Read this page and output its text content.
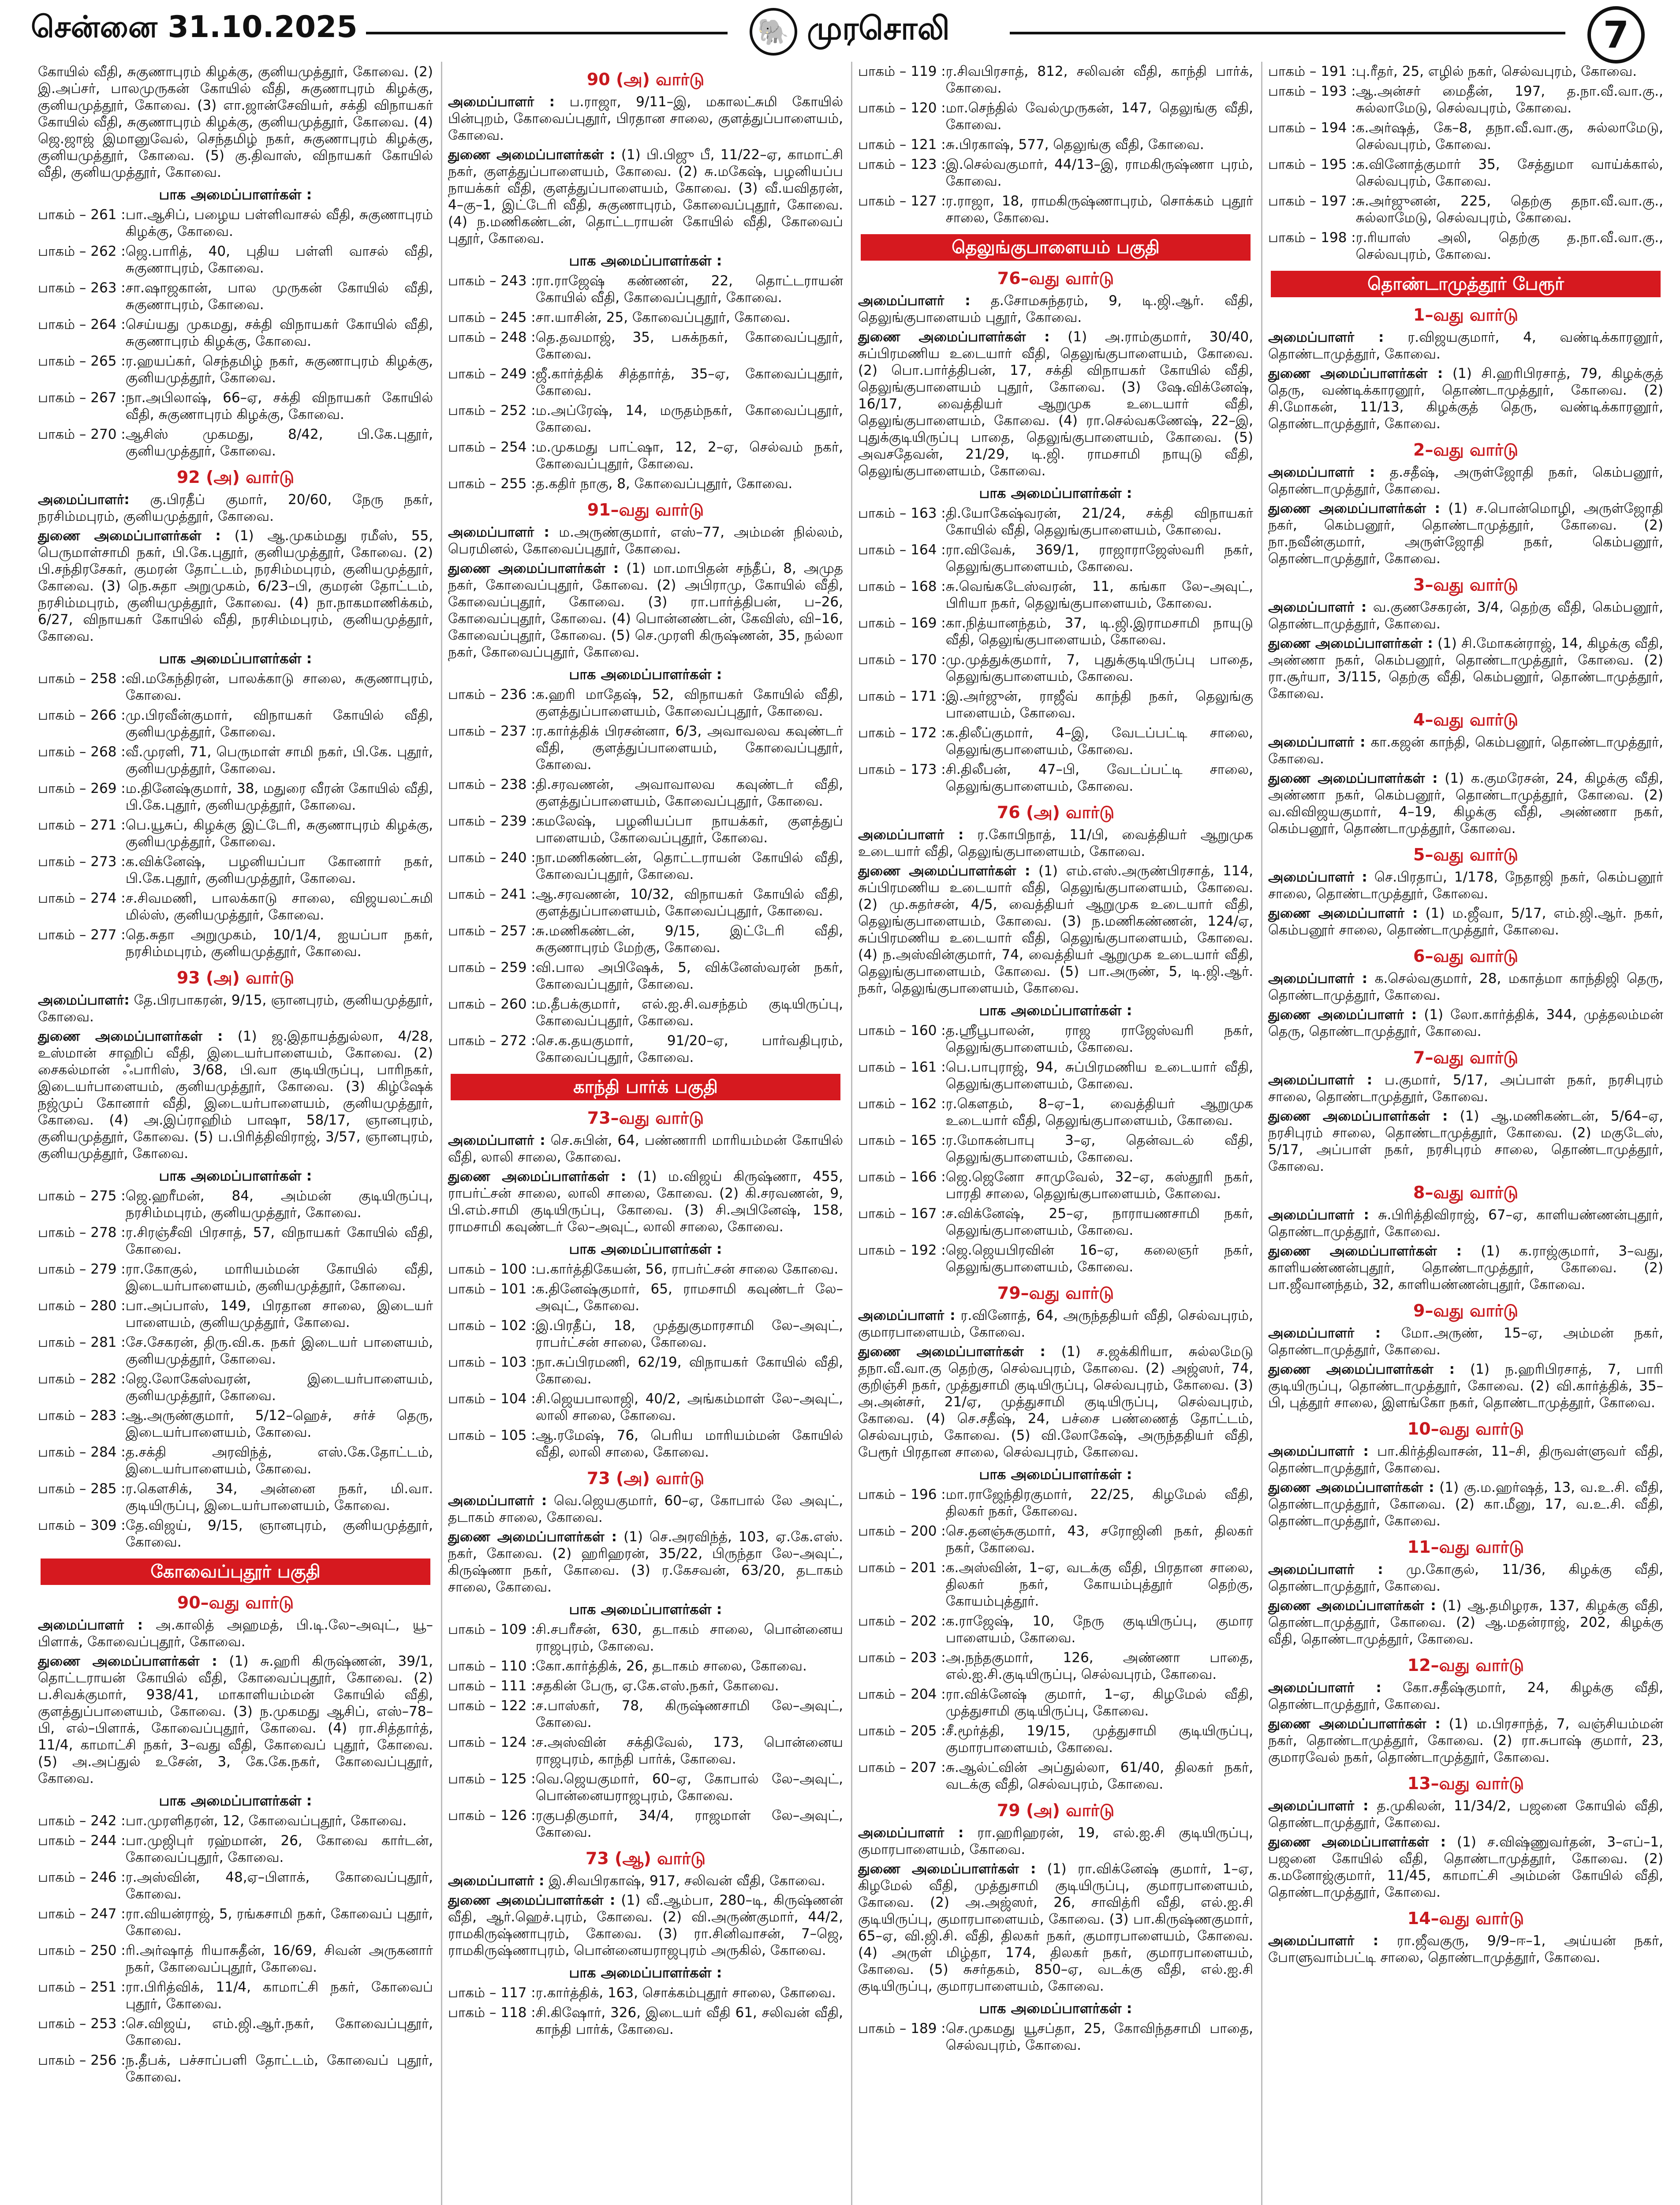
சென்னை 31.10.2025	🐘 முரசொலி	7
கோயில் வீதி, சுகுணாபுரம் கிழக்கு, குனியமுத்தூர், கோவை. (2) இ.அப்சர், பாலமுருகன் கோயில் வீதி, சுகுணாபுரம் கிழக்கு, குனியமுத்தூர், கோவை. (3) எா.ஜான்சேவியர், சக்தி விநாயகர் கோயில் வீதி, சுகுணாபுரம் கிழக்கு, குனியமுத்தூர், கோவை. (4) ஜெ.ஜாஜ் இமானுவேல், செந்தமிழ் நகர், சுகுணாபுரம் கிழக்கு, குனியமுத்தூர், கோவை. (5) கு.திவாஸ், விநாயகர் கோயில் வீதி, குனியமுத்தூர், கோவை.
பாக அமைப்பாளர்கள் :
பாகம் – 261 : பா.ஆசிப், பழைய பள்ளிவாசல் வீதி, சுகுணாபுரம் கிழக்கு, கோவை.
பாகம் – 262 : ஜெ.பாரித், 40, புதிய பள்ளி வாசல் வீதி, சுகுணாபுரம், கோவை.
பாகம் – 263 : சா.ஷாஜகான், பால முருகன் கோயில் வீதி, சுகுணாபுரம், கோவை.
பாகம் – 264 : செய்யது முகமது, சக்தி விநாயகர் கோயில் வீதி, சுகுணாபுரம் கிழக்கு, கோவை.
பாகம் – 265 : ர.ஹயப்கர், செந்தமிழ் நகர், சுகுணாபுரம் கிழக்கு, குனியமுத்தூர், கோவை.
பாகம் – 267 : நா.அபிலாஷ், 66–ஏ, சக்தி விநாயகர் கோயில் வீதி, சுகுணாபுரம் கிழக்கு, கோவை.
பாகம் – 270 : ஆசிஸ் முகமது, 8/42, பி.கே.புதூர், குனியமுத்தூர், கோவை.
92 (அ) வார்டு
அமைப்பாளர்: கு.பிரதீப் குமார், 20/60, நேரு நகர், நரசிம்மபுரம், குனியமுத்தூர், கோவை.
துணை அமைப்பாளர்கள் : (1) ஆ.முகம்மது ரமீஸ், 55, பெருமாள்சாமி நகர், பி.கே.புதூர், குனியமுத்தூர், கோவை. (2) பி.சந்திரசேகர், குமரன் தோட்டம், நரசிம்மபுரம், குனியமுத்தூர், கோவை. (3) நெ.சுதா அறுமுகம், 6/23–பி, குமரன் தோட்டம், நரசிம்மபுரம், குனியமுத்தூர், கோவை. (4) நா.நாகமாணிக்கம், 6/27, விநாயகர் கோயில் வீதி, நரசிம்மபுரம், குனியமுத்தூர், கோவை.
பாக அமைப்பாளர்கள் :
பாகம் – 258 : வி.மகேந்திரன், பாலக்காடு சாலை, சுகுணாபுரம், கோவை.
பாகம் – 266 : மு.பிரவீன்குமார், விநாயகர் கோயில் வீதி, குனியமுத்தூர், கோவை.
பாகம் – 268 : வீ.முரளி, 71, பெருமாள் சாமி நகர், பி.கே. புதூர், குனியமுத்தூர், கோவை.
பாகம் – 269 : ம.தினேஷ்குமார், 38, மதுரை வீரன் கோயில் வீதி, பி.கே.புதூர், குனியமுத்தூர், கோவை.
பாகம் – 271 : பெ.யூசுப், கிழக்கு இட்டேரி, சுகுணாபுரம் கிழக்கு, குனியமுத்தூர், கோவை.
பாகம் – 273 : க.விக்னேஷ், பழனியப்பா கோனார் நகர், பி.கே.புதூர், குனியமுத்தூர், கோவை.
பாகம் – 274 : ச.சிவமணி, பாலக்காடு சாலை, விஜயலட்சுமி மில்ஸ், குனியமுத்தூர், கோவை.
பாகம் – 277 : தெ.சுதா அறுமுகம், 10/1/4, ஐயப்பா நகர், நரசிம்மபுரம், குனியமுத்தூர், கோவை.
93 (அ) வார்டு
அமைப்பாளர்: தே.பிரபாகரன், 9/15, ஞானபுரம், குனியமுத்தூர், கோவை.
துணை அமைப்பாளர்கள் : (1) ஜ.இதாயத்துல்லா, 4/28, உஸ்மான் சாஹிப் வீதி, இடையர்பாளையம், கோவை. (2) சைகல்மான் ஃபாரிஸ், 3/68, பி.வா குடியிருப்பு, பாரிநகர், இடையர்பாளையம், குனியமுத்தூர், கோவை. (3) கிழ்ஷேக் நஜ்முப் கோனார் வீதி, இடையர்பாளையம், குனியமுத்தூர், கோவை. (4) அ.இப்ராஹிம் பாஷா, 58/17, ஞானபுரம், குனியமுத்தூர், கோவை. (5) ப.பிரித்திவிராஜ், 3/57, ஞானபுரம், குனியமுத்தூர், கோவை.
பாக அமைப்பாளர்கள் :
பாகம் – 275 : ஜெ.ஹரீமன், 84, அம்மன் குடியிருப்பு, நரசிம்மபுரம், குனியமுத்தூர், கோவை.
பாகம் – 278 : ர.சிரஞ்சீவி பிரசாத், 57, விநாயகர் கோயில் வீதி, கோவை.
பாகம் – 279 : ரா.கோகுல், மாரியம்மன் கோயில் வீதி, இடையர்பாளையம், குனியமுத்தூர், கோவை.
பாகம் – 280 : பா.அப்பாஸ், 149, பிரதான சாலை, இடையர் பாளையம், குனியமுத்தூர், கோவை.
பாகம் – 281 : சே.சேகரன், திரு.வி.க. நகர் இடையர் பாளையம், குனியமுத்தூர், கோவை.
பாகம் – 282 : ஜெ.லோகேஸ்வரன், இடையர்பாளையம், குனியமுத்தூர், கோவை.
பாகம் – 283 : ஆ.அருண்குமார், 5/12–ஹெச், சர்ச் தெரு, இடையர்பாளையம், கோவை.
பாகம் – 284 : த.சக்தி அரவிந்த், எஸ்.கே.தோட்டம், இடையர்பாளையம், கோவை.
பாகம் – 285 : ர.கௌசிக், 34, அன்னை நகர், மி.வா. குடியிருப்பு, இடையர்பாளையம், கோவை.
பாகம் – 309 : தே.விஜய், 9/15, ஞானபுரம், குனியமுத்தூர், கோவை.
கோவைப்புதூர் பகுதி
90–வது வார்டு
அமைப்பாளர் : அ.காலித் அஹமத், பி.டி.லே–அவுட், யூ–பிளாக், கோவைப்புதூர், கோவை.
துணை அமைப்பாளர்கள் : (1) சு.ஹரி கிருஷ்ணன், 39/1, தொட்டராயன் கோயில் வீதி, கோவைப்புதூர், கோவை. (2) ப.சிவக்குமார், 938/41, மாகாளியம்மன் கோயில் வீதி, குளத்துப்பாளையம், கோவை. (3) ந.முகமது ஆசிப், எஸ்–78–பி, எல்–பிளாக், கோவைப்புதூர், கோவை. (4) ரா.சித்தார்த், 11/4, காமாட்சி நகர், 3–வது வீதி, கோவைப் புதூர், கோவை. (5) அ.அப்துல் உசேன், 3, கே.கே.நகர், கோவைப்புதூர், கோவை.
பாக அமைப்பாளர்கள் :
பாகம் – 242 : பா.முரளிதரன், 12, கோவைப்புதூர், கோவை.
பாகம் – 244 : பா.முஜிபுர் ரஹ்மான், 26, கோவை கார்டன், கோவைப்புதூர், கோவை.
பாகம் – 246 : ர.அஸ்வின், 48,ஏ–பிளாக், கோவைப்புதூர், கோவை.
பாகம் – 247 : ரா.வியன்ராஜ், 5, ரங்கசாமி நகர், கோவைப் புதூர், கோவை.
பாகம் – 250 : ரி.அர்ஷாத் ரியாசுதீன், 16/69, சிவன் அருகனார் நகர், கோவைப்புதூர், கோவை.
பாகம் – 251 : ரா.பிரித்விக், 11/4, காமாட்சி நகர், கோவைப் புதூர், கோவை.
பாகம் – 253 : செ.விஜய், எம்.ஜி.ஆர்.நகர், கோவைப்புதூர், கோவை.
பாகம் – 256 : ந.தீபக், பச்சாப்பளி தோட்டம், கோவைப் புதூர், கோவை.
90 (அ) வார்டு
அமைப்பாளர் : ப.ராஜா, 9/11–இ, மகாலட்சுமி கோயில் பின்புறம், கோவைப்புதூர், பிரதான சாலை, குளத்துப்பாளையம், கோவை.
துணை அமைப்பாளர்கள் : (1) பி.பிஜு பீ, 11/22–ஏ, காமாட்சி நகர், குளத்துப்பாளையம், கோவை. (2) சு.மகேஷ், பழனியப்ப நாயக்கர் வீதி, குளத்துப்பாளையம், கோவை. (3) வீ.யவிதரன், 4–கு–1, இட்டேரி வீதி, சுகுணாபுரம், கோவைப்புதூர், கோவை. (4) ந.மணிகண்டன், தொட்டராயன் கோயில் வீதி, கோவைப் புதூர், கோவை.
பாக அமைப்பாளர்கள் :
பாகம் – 243 : ரா.ராஜேஷ் கண்ணன், 22, தொட்டராயன் கோயில் வீதி, கோவைப்புதூர், கோவை.
பாகம் – 245 : சா.யாசின், 25, கோவைப்புதூர், கோவை.
பாகம் – 248 : தெ.தவமாஜ், 35, பசுக்நகர், கோவைப்புதூர், கோவை.
பாகம் – 249 : ஜீ.கார்த்திக் சித்தார்த், 35–ஏ, கோவைப்புதூர், கோவை.
பாகம் – 252 : ம.அப்ரேஷ், 14, மருதம்நகர், கோவைப்புதூர், கோவை.
பாகம் – 254 : ம.முகமது பாட்ஷா, 12, 2–ஏ, செல்வம் நகர், கோவைப்புதூர், கோவை.
பாகம் – 255 : த.கதிர் நாகு, 8, கோவைப்புதூர், கோவை.
91–வது வார்டு
அமைப்பாளர் : ம.அருண்குமார், எஸ்–77, அம்மன் நில்லம், பெரமினல், கோவைப்புதூர், கோவை.
துணை அமைப்பாளர்கள் : (1) மா.மாபிதன் சந்தீப், 8, அமுத நகர், கோவைப்புதூர், கோவை. (2) அபிராமு, கோயில் வீதி, கோவைப்புதூர், கோவை. (3) ரா.பார்த்திபன், ப–26, கோவைப்புதூர், கோவை. (4) பொன்னண்டன், கேவிஸ், வி–16, கோவைப்புதூர், கோவை. (5) செ.முரளி கிருஷ்ணன், 35, நல்லா நகர், கோவைப்புதூர், கோவை.
பாக அமைப்பாளர்கள் :
பாகம் – 236 : க.ஹரி மாதேஷ், 52, விநாயகர் கோயில் வீதி, குளத்துப்பாளையம், கோவைப்புதூர், கோவை.
பாகம் – 237 : ர.கார்த்திக் பிரசன்னா, 6/3, அவாவலவ கவுண்டர் வீதி, குளத்துப்பாளையம், கோவைப்புதூர், கோவை.
பாகம் – 238 : தி.சரவணன், அவாவாலவ கவுண்டர் வீதி, குளத்துப்பாளையம், கோவைப்புதூர், கோவை.
பாகம் – 239 : கமலேஷ், பழனியப்பா நாயக்கர், குளத்துப் பாளையம், கோவைப்புதூர், கோவை.
பாகம் – 240 : நா.மணிகண்டன், தொட்டராயன் கோயில் வீதி, கோவைப்புதூர், கோவை.
பாகம் – 241 : ஆ.சரவணன், 10/32, விநாயகர் கோயில் வீதி, குளத்துப்பாளையம், கோவைப்புதூர், கோவை.
பாகம் – 257 : சு.மணிகண்டன், 9/15, இட்டேரி வீதி, சுகுணாபுரம் மேற்கு, கோவை.
பாகம் – 259 : வி.பால அபிஷேக், 5, விக்னேஸ்வரன் நகர், கோவைப்புதூர், கோவை.
பாகம் – 260 : ம.தீபக்குமார், எல்.ஐ.சி.வசந்தம் குடியிருப்பு, கோவைப்புதூர், கோவை.
பாகம் – 272 : செ.க.தயகுமார், 91/20–ஏ, பார்வதிபுரம், கோவைப்புதூர், கோவை.
காந்தி பார்க் பகுதி
73–வது வார்டு
அமைப்பாளர் : செ.சுபின், 64, பண்ணாரி மாரியம்மன் கோயில் வீதி, லாலி சாலை, கோவை.
துணை அமைப்பாளர்கள் : (1) ம.விஜய் கிருஷ்ணா, 455, ராபர்ட்சன் சாலை, லாலி சாலை, கோவை. (2) கி.சரவணன், 9, பி.எம்.சாமி குடியிருப்பு, கோவை. (3) சி.அபினேஷ், 158, ராமசாமி கவுண்டர் லே–அவுட், லாலி சாலை, கோவை.
பாக அமைப்பாளர்கள் :
பாகம் – 100 : ப.கார்த்திகேயன், 56, ராபர்ட்சன் சாலை கோவை.
பாகம் – 101 : க.தினேஷ்குமார், 65, ராமசாமி கவுண்டர் லே–அவுட், கோவை.
பாகம் – 102 : இ.பிரதீப், 18, முத்துகுமாரசாமி லே–அவுட், ராபர்ட்சன் சாலை, கோவை.
பாகம் – 103 : நா.சுப்பிரமணி, 62/19, விநாயகர் கோயில் வீதி, கோவை.
பாகம் – 104 : சி.ஜெயபாலாஜி, 40/2, அங்கம்மாள் லே–அவுட், லாலி சாலை, கோவை.
பாகம் – 105 : ஆ.ரமேஷ், 76, பெரிய மாரியம்மன் கோயில் வீதி, லாலி சாலை, கோவை.
73 (அ) வார்டு
அமைப்பாளர் : வெ.ஜெயகுமார், 60–ஏ, கோபால் லே அவுட், தடாகம் சாலை, கோவை.
துணை அமைப்பாளர்கள் : (1) செ.அரவிந்த், 103, ஏ.கே.எஸ். நகர், கோவை. (2) ஹரிஹரன், 35/22, பிருந்தா லே–அவுட், கிருஷ்ணா நகர், கோவை. (3) ர.கேசவன், 63/20, தடாகம் சாலை, கோவை.
பாக அமைப்பாளர்கள் :
பாகம் – 109 : சி.சபரீசன், 630, தடாகம் சாலை, பொன்னைய ராஜபுரம், கோவை.
பாகம் – 110 : கோ.கார்த்திக், 26, தடாகம் சாலை, கோவை.
பாகம் – 111 : சதகின் பேரு, ஏ.கே.எஸ்.நகர், கோவை.
பாகம் – 122 : ச.பாஸ்கர், 78, கிருஷ்ணசாமி லே–அவுட், கோவை.
பாகம் – 124 : ச.அஸ்வின் சக்திவேல், 173, பொன்னைய ராஜபுரம், காந்தி பார்க், கோவை.
பாகம் – 125 : வெ.ஜெயகுமார், 60–ஏ, கோபால் லே–அவுட், பொன்னையராஜபுரம், கோவை.
பாகம் – 126 : ரகுபதிகுமார், 34/4, ராஜமாள் லே–அவுட், கோவை.
73 (ஆ) வார்டு
அமைப்பாளர் : இ.சிவபிரகாஷ், 917, சலிவன் வீதி, கோவை.
துணை அமைப்பாளர்கள் : (1) வீ.ஆம்பா, 280–டி, கிருஷ்ணன் வீதி, ஆர்.ஹெச்.புரம், கோவை. (2) வி.அருண்குமார், 44/2, ராமகிருஷ்ணாபுரம், கோவை. (3) ரா.சினிவாசன், 7–ஜெ, ராமகிருஷ்ணாபுரம், பொன்னையராஜபுரம் அருகில், கோவை.
பாக அமைப்பாளர்கள் :
பாகம் – 117 : ர.கார்த்திக், 163, சொக்கம்புதூர் சாலை, கோவை.
பாகம் – 118 : சி.கிஷோர், 326, இடையர் வீதி 61, சலிவன் வீதி, காந்தி பார்க், கோவை.
பாகம் – 119 : ர.சிவபிரசாத், 812, சலிவன் வீதி, காந்தி பார்க், கோவை.
பாகம் – 120 : மா.செந்தில் வேல்முருகன், 147, தெலுங்கு வீதி, கோவை.
பாகம் – 121 : சு.பிரகாஷ், 577, தெலுங்கு வீதி, கோவை.
பாகம் – 123 : இ.செல்வகுமார், 44/13–இ, ராமகிருஷ்ணா புரம், கோவை.
பாகம் – 127 : ர.ராஜா, 18, ராமகிருஷ்ணாபுரம், சொக்கம் புதூர் சாலை, கோவை.
தெலுங்குபாளையம் பகுதி
76–வது வார்டு
அமைப்பாளர் : த.சோமசுந்தரம், 9, டி.ஜி.ஆர். வீதி, தெலுங்குபாளையம் புதூர், கோவை.
துணை அமைப்பாளர்கள் : (1) அ.ராம்குமார், 30/40, சுப்பிரமணிய உடையார் வீதி, தெலுங்குபாளையம், கோவை. (2) பொ.பார்த்திபன், 17, சக்தி விநாயகர் கோயில் வீதி, தெலுங்குபாளையம் புதூர், கோவை. (3) ஷே.விக்னேஷ், 16/17, வைத்தியர் ஆறுமுக உடையார் வீதி, தெலுங்குபாளையம், கோவை. (4) ரா.செல்வகணேஷ், 22–இ, புதுக்குடியிருப்பு பாதை, தெலுங்குபாளையம், கோவை. (5) அவசதேவன், 21/29, டி.ஜி. ராமசாமி நாயுடு வீதி, தெலுங்குபாளையம், கோவை.
பாக அமைப்பாளர்கள் :
பாகம் – 163 : தி.யோகேஷ்வரன், 21/24, சக்தி விநாயகர் கோயில் வீதி, தெலுங்குபாளையம், கோவை.
பாகம் – 164 : ரா.விவேக், 369/1, ராஜாராஜேஸ்வரி நகர், தெலுங்குபாளையம், கோவை.
பாகம் – 168 : சு.வெங்கடேஸ்வரன், 11, கங்கா லே–அவுட், பிரியா நகர், தெலுங்குபாளையம், கோவை.
பாகம் – 169 : கா.நித்யானந்தம், 37, டி.ஜி.இராமசாமி நாயுடு வீதி, தெலுங்குபாளையம், கோவை.
பாகம் – 170 : மு.முத்துக்குமார், 7, புதுக்குடியிருப்பு பாதை, தெலுங்குபாளையம், கோவை.
பாகம் – 171 : இ.அர்ஜுன், ராஜீவ் காந்தி நகர், தெலுங்கு பாளையம், கோவை.
பாகம் – 172 : க.திலீப்குமார், 4–இ, வேடப்பட்டி சாலை, தெலுங்குபாளையம், கோவை.
பாகம் – 173 : சி.திலீபன், 47–பி, வேடப்பட்டி சாலை, தெலுங்குபாளையம், கோவை.
76 (அ) வார்டு
அமைப்பாளர் : ர.கோபிநாத், 11/பி, வைத்தியர் ஆறுமுக உடையார் வீதி, தெலுங்குபாளையம், கோவை.
துணை அமைப்பாளர்கள் : (1) எம்.எஸ்.அருண்பிரசாத், 114, சுப்பிரமணிய உடையார் வீதி, தெலுங்குபாளையம், கோவை. (2) மு.சுதர்சன், 4/5, வைத்தியர் ஆறுமுக உடையார் வீதி, தெலுங்குபாளையம், கோவை. (3) ந.மணிகண்ணன், 124/ஏ, சுப்பிரமணிய உடையார் வீதி, தெலுங்குபாளையம், கோவை. (4) ந.அஸ்வின்குமார், 74, வைத்தியர் ஆறுமுக உடையார் வீதி, தெலுங்குபாளையம், கோவை. (5) பா.அருண், 5, டி.ஜி.ஆர். நகர், தெலுங்குபாளையம், கோவை.
பாக அமைப்பாளர்கள் :
பாகம் – 160 : த.ஸ்ரீபூபாலன், ராஜ ராஜேஸ்வரி நகர், தெலுங்குபாளையம், கோவை.
பாகம் – 161 : பெ.பாபுராஜ், 94, சுப்பிரமணிய உடையார் வீதி, தெலுங்குபாளையம், கோவை.
பாகம் – 162 : ர.கௌதம், 8–ஏ–1, வைத்தியர் ஆறுமுக உடையார் வீதி, தெலுங்குபாளையம், கோவை.
பாகம் – 165 : ர.மோகன்பாபு 3–ஏ, தென்வடல் வீதி, தெலுங்குபாளையம், கோவை.
பாகம் – 166 : ஜெ.ஜெனோ சாமுவேல், 32–ஏ, கஸ்தூரி நகர், பாரதி சாலை, தெலுங்குபாளையம், கோவை.
பாகம் – 167 : ச.விக்னேஷ், 25–ஏ, நாராயணசாமி நகர், தெலுங்குபாளையம், கோவை.
பாகம் – 192 : ஜெ.ஜெயபிரவின் 16–ஏ, கலைஞர் நகர், தெலுங்குபாளையம், கோவை.
79–வது வார்டு
அமைப்பாளர் : ர.வினோத், 64, அருந்ததியர் வீதி, செல்வபுரம், குமாரபாளையம், கோவை.
துணை அமைப்பாளர்கள் : (1) ச.ஜக்கிரியா, சுல்லமேடு தநா.வீ.வா.கு தெற்கு, செல்வபுரம், கோவை. (2) அஜ்ஸர், 74, குறிஞ்சி நகர், முத்துசாமி குடியிருப்பு, செல்வபுரம், கோவை. (3) அ.அன்சர், 21/ஏ, முத்துசாமி குடியிருப்பு, செல்வபுரம், கோவை. (4) செ.சதீஷ், 24, பச்சை பண்ணைத் தோட்டம், செல்வபுரம், கோவை. (5) வி.லோகேஷ், அருந்ததியர் வீதி, பேரூர் பிரதான சாலை, செல்வபுரம், கோவை.
பாக அமைப்பாளர்கள் :
பாகம் – 196 : மா.ராஜேந்திரகுமார், 22/25, கிழமேல் வீதி, திலகர் நகர், கோவை.
பாகம் – 200 : செ.தனஞ்சுகுமார், 43, சரோஜினி நகர், திலகர் நகர், கோவை.
பாகம் – 201 : க.அஸ்வின், 1–ஏ, வடக்கு வீதி, பிரதான சாலை, திலகர் நகர், கோயம்புத்தூர் தெற்கு, கோயம்புத்தூர்.
பாகம் – 202 : க.ராஜேஷ், 10, நேரு குடியிருப்பு, குமார பாளையம், கோவை.
பாகம் – 203 : அ.நந்தகுமார், 126, அண்ணா பாதை, எல்.ஐ.சி.குடியிருப்பு, செல்வபுரம், கோவை.
பாகம் – 204 : ரா.விக்னேஷ் குமார், 1–ஏ, கிழமேல் வீதி, முத்துசாமி குடியிருப்பு, கோவை.
பாகம் – 205 : சீ.மூர்த்தி, 19/15, முத்துசாமி குடியிருப்பு, குமாரபாளையம், கோவை.
பாகம் – 207 : சு.ஆல்ட்வின் அப்துல்லா, 61/40, திலகர் நகர், வடக்கு வீதி, செல்வபுரம், கோவை.
79 (அ) வார்டு
அமைப்பாளர் : ரா.ஹரிஹரன், 19, எல்.ஐ.சி குடியிருப்பு, குமாரபாளையம், கோவை.
துணை அமைப்பாளர்கள் : (1) ரா.விக்னேஷ் குமார், 1–ஏ, கிழமேல் வீதி, முத்துசாமி குடியிருப்பு, குமாரபாளையம், கோவை. (2) அ.அஜ்ஸர், 26, சாவித்ரி வீதி, எல்.ஐ.சி குடியிருப்பு, குமாரபாளையம், கோவை. (3) பா.கிருஷ்ணகுமார், 65–ஏ, வி.ஜி.சி. வீதி, திலகர் நகர், குமாரபாளையம், கோவை. (4) அருள் மிழ்தா, 174, திலகர் நகர், குமாரபாளையம், கோவை. (5) சுசர்தகம், 850–ஏ, வடக்கு வீதி, எல்.ஐ.சி குடியிருப்பு, குமாரபாளையம், கோவை.
பாக அமைப்பாளர்கள் :
பாகம் – 189 : செ.முகமது யூசப்தா, 25, கோவிந்தசாமி பாதை, செல்வபுரம், கோவை.
பாகம் – 191 : பு.ரீதர், 25, எழில் நகர், செல்வபுரம், கோவை.
பாகம் – 193 : ஆ.அன்சர் மைதீன், 197, த.நா.வீ.வா.கு., சுல்லாமேடு, செல்வபுரம், கோவை.
பாகம் – 194 : க.அர்ஷத், கே–8, தநா.வீ.வா.கு, சுல்லாமேடு, செல்வபுரம், கோவை.
பாகம் – 195 : க.வினோத்குமார் 35, சேத்துமா வாய்க்கால், செல்வபுரம், கோவை.
பாகம் – 197 : சு.அர்ஜுனன், 225, தெற்கு தநா.வீ.வா.கு., சுல்லாமேடு, செல்வபுரம், கோவை.
பாகம் – 198 : ர.ரியாஸ் அலி, தெற்கு த.நா.வீ.வா.கு., செல்வபுரம், கோவை.
தொண்டாமுத்தூர் பேரூர்
1–வது வார்டு
அமைப்பாளர் : ர.விஜயகுமார், 4, வண்டிக்காரனூர், தொண்டாமுத்தூர், கோவை.
துணை அமைப்பாளர்கள் : (1) சி.ஹரிபிரசாத், 79, கிழக்குத் தெரு, வண்டிக்காரனூர், தொண்டாமுத்தூர், கோவை. (2) சி.மோகன், 11/13, கிழக்குத் தெரு, வண்டிக்காரனூர், தொண்டாமுத்தூர், கோவை.
2–வது வார்டு
அமைப்பாளர் : த.சதீஷ், அருள்ஜோதி நகர், கெம்பனூர், தொண்டாமுத்தூர், கோவை.
துணை அமைப்பாளர்கள் : (1) ச.பொன்மொழி, அருள்ஜோதி நகர், கெம்பனூர், தொண்டாமுத்தூர், கோவை. (2) நா.நவீன்குமார், அருள்ஜோதி நகர், கெம்பனூர், தொண்டாமுத்தூர், கோவை.
3–வது வார்டு
அமைப்பாளர் : வ.குணசேகரன், 3/4, தெற்கு வீதி, கெம்பனூர், தொண்டாமுத்தூர், கோவை.
துணை அமைப்பாளர்கள் : (1) சி.மோகன்ராஜ், 14, கிழக்கு வீதி, அண்ணா நகர், கெம்பனூர், தொண்டாமுத்தூர், கோவை. (2) ரா.சூர்யா, 3/115, தெற்கு வீதி, கெம்பனூர், தொண்டாமுத்தூர், கோவை.
4–வது வார்டு
அமைப்பாளர் : கா.கஜன் காந்தி, கெம்பனூர், தொண்டாமுத்தூர், கோவை.
துணை அமைப்பாளர்கள் : (1) க.குமரேசன், 24, கிழக்கு வீதி, அண்ணா நகர், கெம்பனூர், தொண்டாமுத்தூர், கோவை. (2) வ.விவிஜயகுமார், 4–19, கிழக்கு வீதி, அண்ணா நகர், கெம்பனூர், தொண்டாமுத்தூர், கோவை.
5–வது வார்டு
அமைப்பாளர் : செ.பிரதாப், 1/178, நேதாஜி நகர், கெம்பனூர் சாலை, தொண்டாமுத்தூர், கோவை.
துணை அமைப்பாளர் : (1) ம.ஜீவா, 5/17, எம்.ஜி.ஆர். நகர், கெம்பனூர் சாலை, தொண்டாமுத்தூர், கோவை.
6–வது வார்டு
அமைப்பாளர் : க.செல்வகுமார், 28, மகாத்மா காந்திஜி தெரு, தொண்டாமுத்தூர், கோவை.
துணை அமைப்பாளர் : (1) லோ.கார்த்திக், 344, முத்தலம்மன் தெரு, தொண்டாமுத்தூர், கோவை.
7–வது வார்டு
அமைப்பாளர் : ப.குமார், 5/17, அப்பாள் நகர், நரசிபுரம் சாலை, தொண்டாமுத்தூர், கோவை.
துணை அமைப்பாளர்கள் : (1) ஆ.மணிகண்டன், 5/64–ஏ, நரசிபுரம் சாலை, தொண்டாமுத்தூர், கோவை. (2) மகுடேஸ், 5/17, அப்பாள் நகர், நரசிபுரம் சாலை, தொண்டாமுத்தூர், கோவை.
8–வது வார்டு
அமைப்பாளர் : சு.பிரித்திவிராஜ், 67–ஏ, காளியண்ணன்புதூர், தொண்டாமுத்தூர், கோவை.
துணை அமைப்பாளர்கள் : (1) க.ராஜ்குமார், 3–வது, காளியண்ணன்புதூர், தொண்டாமுத்தூர், கோவை. (2) பா.ஜீவானந்தம், 32, காளியண்ணன்புதூர், கோவை.
9–வது வார்டு
அமைப்பாளர் : மோ.அருண், 15–ஏ, அம்மன் நகர், தொண்டாமுத்தூர், கோவை.
துணை அமைப்பாளர்கள் : (1) ந.ஹரிபிரசாத், 7, பாரி குடியிருப்பு, தொண்டாமுத்தூர், கோவை. (2) வி.கார்த்திக், 35–பி, புத்தூர் சாலை, இளங்கோ நகர், தொண்டாமுத்தூர், கோவை.
10–வது வார்டு
அமைப்பாளர் : பா.கிர்த்திவாசன், 11–சி, திருவள்ளுவர் வீதி, தொண்டாமுத்தூர், கோவை.
துணை அமைப்பாளர்கள் : (1) கு.ம.ஹர்ஷத், 13, வ.உ.சி. வீதி, தொண்டாமுத்தூர், கோவை. (2) கா.மீனு, 17, வ.உ.சி. வீதி, தொண்டாமுத்தூர், கோவை.
11–வது வார்டு
அமைப்பாளர் : மு.கோகுல், 11/36, கிழக்கு வீதி, தொண்டாமுத்தூர், கோவை.
துணை அமைப்பாளர்கள் : (1) ஆ.தமிழரசு, 137, கிழக்கு வீதி, தொண்டாமுத்தூர், கோவை. (2) ஆ.மதன்ராஜ், 202, கிழக்கு வீதி, தொண்டாமுத்தூர், கோவை.
12–வது வார்டு
அமைப்பாளர் : கோ.சதீஷ்குமார், 24, கிழக்கு வீதி, தொண்டாமுத்தூர், கோவை.
துணை அமைப்பாளர்கள் : (1) ம.பிரசாந்த், 7, வஞ்சியம்மன் நகர், தொண்டாமுத்தூர், கோவை. (2) ரா.சுபாஷ் குமார், 23, குமாரவேல் நகர், தொண்டாமுத்தூர், கோவை.
13–வது வார்டு
அமைப்பாளர் : த.முகிலன், 11/34/2, பஜனை கோயில் வீதி, தொண்டாமுத்தூர், கோவை.
துணை அமைப்பாளர்கள் : (1) ச.விஷ்ணுவர்தன், 3–எப்–1, பஜனை கோயில் வீதி, தொண்டாமுத்தூர், கோவை. (2) க.மனோஜ்குமார், 11/45, காமாட்சி அம்மன் கோயில் வீதி, தொண்டாமுத்தூர், கோவை.
14–வது வார்டு
அமைப்பாளர் : ரா.ஜீவகுரு, 9/9–ஈ–1, அய்யன் நகர், போளுவாம்பட்டி சாலை, தொண்டாமுத்தூர், கோவை.
